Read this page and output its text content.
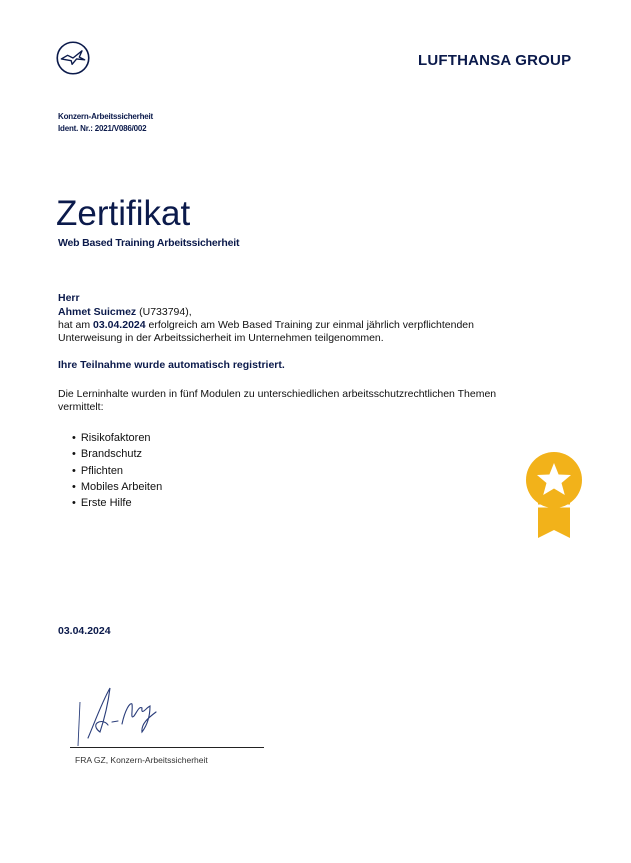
LUFTHANSA GROUP
Konzern-Arbeitssicherheit
Ident. Nr.: 2021/V086/002
Zertifikat
Web Based Training Arbeitssicherheit
Herr
Ahmet Suicmez (U733794),
hat am 03.04.2024 erfolgreich am Web Based Training zur einmal jährlich verpflichtenden
Unterweisung in der Arbeitssicherheit im Unternehmen teilgenommen.
Ihre Teilnahme wurde automatisch registriert.
Die Lerninhalte wurden in fünf Modulen zu unterschiedlichen arbeitsschutzrechtlichen Themen vermittelt:
• Risikofaktoren
• Brandschutz
• Pflichten
• Mobiles Arbeiten
• Erste Hilfe
03.04.2024
FRA GZ, Konzern-Arbeitssicherheit
